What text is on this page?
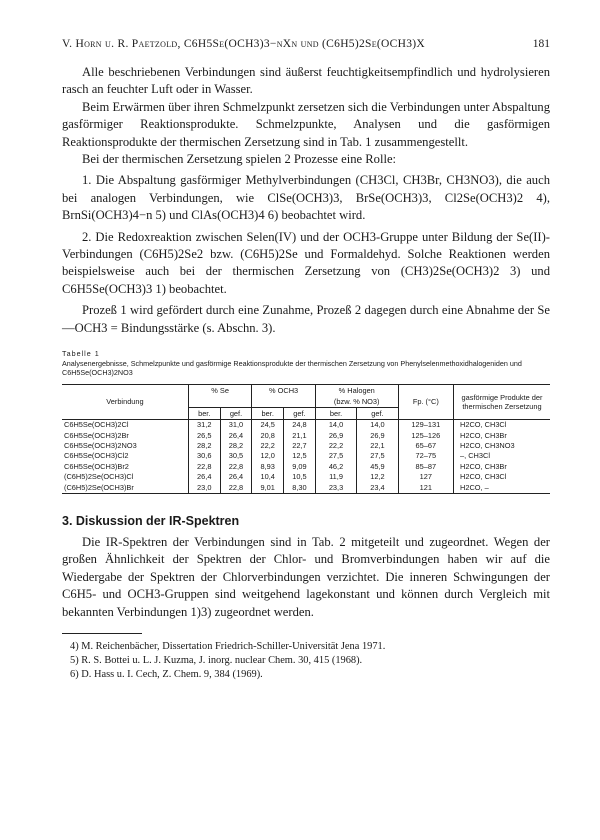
V. Horn u. R. Paetzold, C6H5Se(OCH3)3−nXn und (C6H5)2Se(OCH3)X	181

Alle beschriebenen Verbindungen sind äußerst feuchtigkeitsempfindlich und hydrolysieren rasch an feuchter Luft oder in Wasser.

Beim Erwärmen über ihren Schmelzpunkt zersetzen sich die Verbindungen unter Abspaltung gasförmiger Reaktionsprodukte. Schmelzpunkte, Analysen und die gasförmigen Reaktionsprodukte der thermischen Zersetzung sind in Tab. 1 zusammengestellt.

Bei der thermischen Zersetzung spielen 2 Prozesse eine Rolle:

1. Die Abspaltung gasförmiger Methylverbindungen (CH3Cl, CH3Br, CH3NO3), die auch bei analogen Verbindungen, wie ClSe(OCH3)3, BrSe(OCH3)3, Cl2Se(OCH3)2 4), BrnSi(OCH3)4−n 5) und ClAs(OCH3)4 6) beobachtet wird.

2. Die Redoxreaktion zwischen Selen(IV) und der OCH3-Gruppe unter Bildung der Se(II)-Verbindungen (C6H5)2Se2 bzw. (C6H5)2Se und Formaldehyd. Solche Reaktionen werden beispielsweise auch bei der thermischen Zersetzung von (CH3)2Se(OCH3)2 3) und C6H5Se(OCH3)3 1) beobachtet.

Prozeß 1 wird gefördert durch eine Zunahme, Prozeß 2 dagegen durch eine Abnahme der Se—OCH3 = Bindungsstärke (s. Abschn. 3).

Tabelle 1
Analysenergebnisse, Schmelzpunkte und gasförmige Reaktionsprodukte der thermischen Zersetzung von Phenylselenmethoxidhalogeniden und C6H5Se(OCH3)2NO3
Verbindung	% Se		% OCH3		% Halogen		Fp. (°C)	gasförmige Produkte der thermischen Zersetzung
					(bzw. % NO3)			
	ber.	gef.	ber.	gef.	ber.	gef.		
C6H5Se(OCH3)2Cl	31,2	31,0	24,5	24,8	14,0	14,0	129–131	H2CO, CH3Cl
C6H5Se(OCH3)2Br	26,5	26,4	20,8	21,1	26,9	26,9	125–126	H2CO, CH3Br
C6H5Se(OCH3)2NO3	28,2	28,2	22,2	22,7	22,2	22,1	65–67	H2CO, CH3NO3
C6H5Se(OCH3)Cl2	30,6	30,5	12,0	12,5	27,5	27,5	72–75	–, CH3Cl
C6H5Se(OCH3)Br2	22,8	22,8	8,93	9,09	46,2	45,9	85–87	H2CO, CH3Br
(C6H5)2Se(OCH3)Cl	26,4	26,4	10,4	10,5	11,9	12,2	127	H2CO, CH3Cl
(C6H5)2Se(OCH3)Br	23,0	22,8	9,01	8,30	23,3	23,4	121	H2CO, –
3. Diskussion der IR-Spektren

Die IR-Spektren der Verbindungen sind in Tab. 2 mitgeteilt und zugeordnet. Wegen der großen Ähnlichkeit der Spektren der Chlor- und Bromverbindungen haben wir auf die Wiedergabe der Spektren der Chlorverbindungen verzichtet. Die inneren Schwingungen der C6H5- und OCH3-Gruppen sind weitgehend lagekonstant und können durch Vergleich mit bekannten Verbindungen 1)3) zugeordnet werden.

4) M. Reichenbächer, Dissertation Friedrich-Schiller-Universität Jena 1971.
5) R. S. Bottei u. L. J. Kuzma, J. inorg. nuclear Chem. 30, 415 (1968).
6) D. Hass u. I. Cech, Z. Chem. 9, 384 (1969).
